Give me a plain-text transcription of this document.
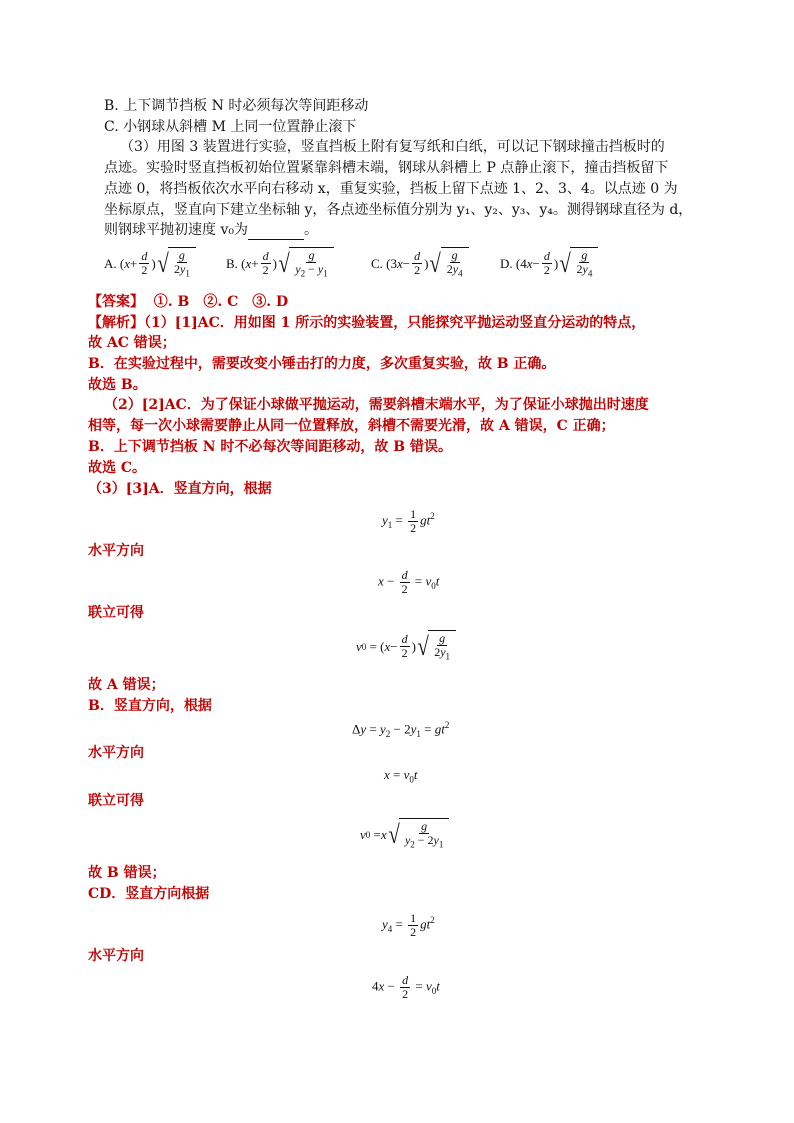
B. 上下调节挡板 N 时必须每次等间距移动
C. 小钢球从斜槽 M 上同一位置静止滚下
（3）用图 3 装置进行实验，竖直挡板上附有复写纸和白纸，可以记下钢球撞击挡板时的
点迹。实验时竖直挡板初始位置紧靠斜槽末端，钢球从斜槽上 P 点静止滚下，撞击挡板留下
点迹 0，将挡板依次水平向右移动 x，重复实验，挡板上留下点迹 1、2、3、4。以点迹 0 为
坐标原点，竖直向下建立坐标轴 y，各点迹坐标值分别为 y₁、y₂、y₃、y₄。测得钢球直径为 d，
则钢球平抛初速度 v₀为	。
A. ( $x + \frac{d}{2}$ ) √ $\frac{g}{2y_1}$	B. ( $x + \frac{d}{2}$ ) √ $\frac{g}{y_2 - y_1}$	C. (3 $x - \frac{d}{2}$ ) √ $\frac{g}{2y_4}$	D. (4 $x - \frac{d}{2}$ ) √ $\frac{g}{2y_4}$
【答案】 ①. B　②. C　③. D
【解析】（1）[1]AC．用如图 1 所示的实验装置，只能探究平抛运动竖直分运动的特点，
故 AC 错误；
B．在实验过程中，需要改变小锤击打的力度，多次重复实验，故 B 正确。
故选 B。
（2）[2]AC．为了保证小球做平抛运动，需要斜槽末端水平，为了保证小球抛出时速度
相等，每一次小球需要静止从同一位置释放，斜槽不需要光滑，故 A 错误，C 正确；
B．上下调节挡板 N 时不必每次等间距移动，故 B 错误。
故选 C。
（3）[3]A．竖直方向，根据
$y_1 = \frac{1}{2} gt^2$
水平方向
$x - \frac{d}{2} = v_0t$
联立可得
v 0 = ( $x - \frac{d}{2}$ ) √ $\frac{g}{2y_1}$
故 A 错误；
B．竖直方向，根据
$\Delta y = y_2 - 2y_1 = gt^2$
水平方向
$x = v_0t$
联立可得
v 0 = x √ $\frac{g}{y_2 - 2y_1}$
故 B 错误；
CD．竖直方向根据
$y_4 = \frac{1}{2} gt^2$
水平方向
$4x - \frac{d}{2} = v_0t$
